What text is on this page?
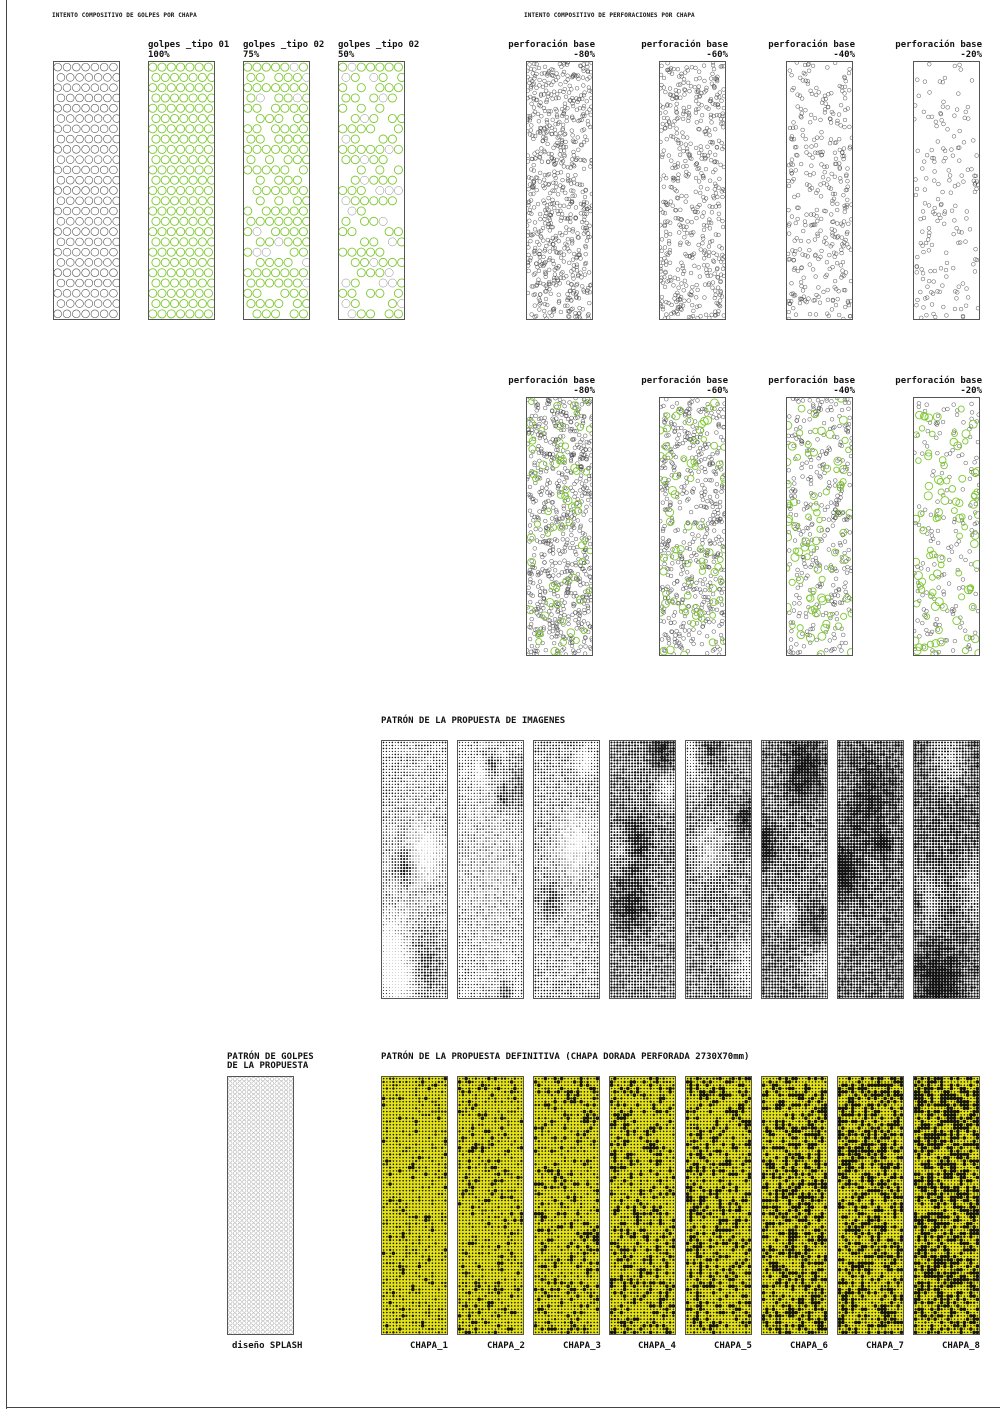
INTENTO COMPOSITIVO DE GOLPES POR CHAPA	INTENTO COMPOSITIVO DE PERFORACIONES POR CHAPA
golpes _tipo 01
100%
golpes _tipo 02
75%
golpes _tipo 02
50%
perforación base
-80%
perforación base
-60%
perforación base
-40%
perforación base
-20%
perforación base
-80%
perforación base
-60%
perforación base
-40%
perforación base
-20%
PATRÓN DE LA PROPUESTA DE IMAGENES
PATRÓN DE GOLPES
DE LA PROPUESTA
diseño SPLASH
PATRÓN DE LA PROPUESTA DEFINITIVA (CHAPA DORADA PERFORADA 2730X70mm)
CHAPA_1	CHAPA_2	CHAPA_3	CHAPA_4	CHAPA_5	CHAPA_6	CHAPA_7	CHAPA_8
